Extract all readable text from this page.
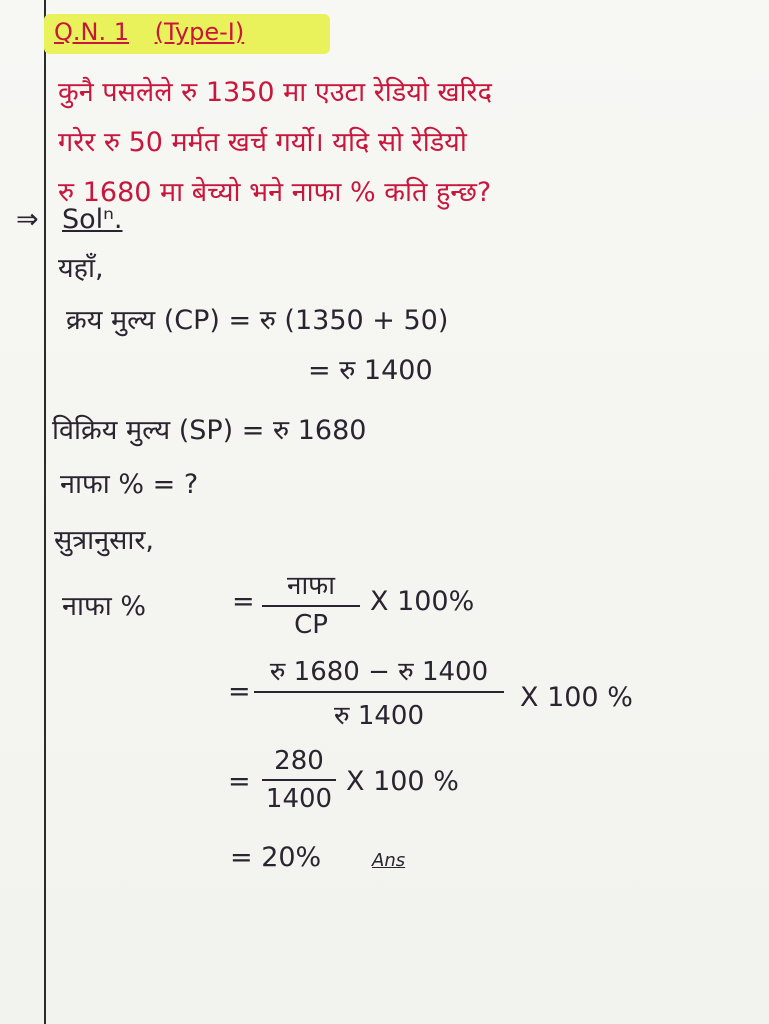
Q.N. 1 (Type-I)
कुनै पसलेले रु 1350 मा एउटा रेडियो खरिद
गरेर रु 50 मर्मत खर्च गर्यो। यदि सो रेडियो
रु 1680 मा बेच्यो भने नाफा % कति हुन्छ?
⇒ Solⁿ.
यहाँ,
क्रय मुल्य (CP) = रु (1350 + 50)
= रु 1400
विक्रिय मुल्य (SP) = रु 1680
नाफा % = ?
सुत्रानुसार,
नाफा %	= नाफा
CP
X 100%
=
रु 1680 − रु 1400
रु 1400
X 100 %
=
280
1400
X 100 %
= 20%	Ans
